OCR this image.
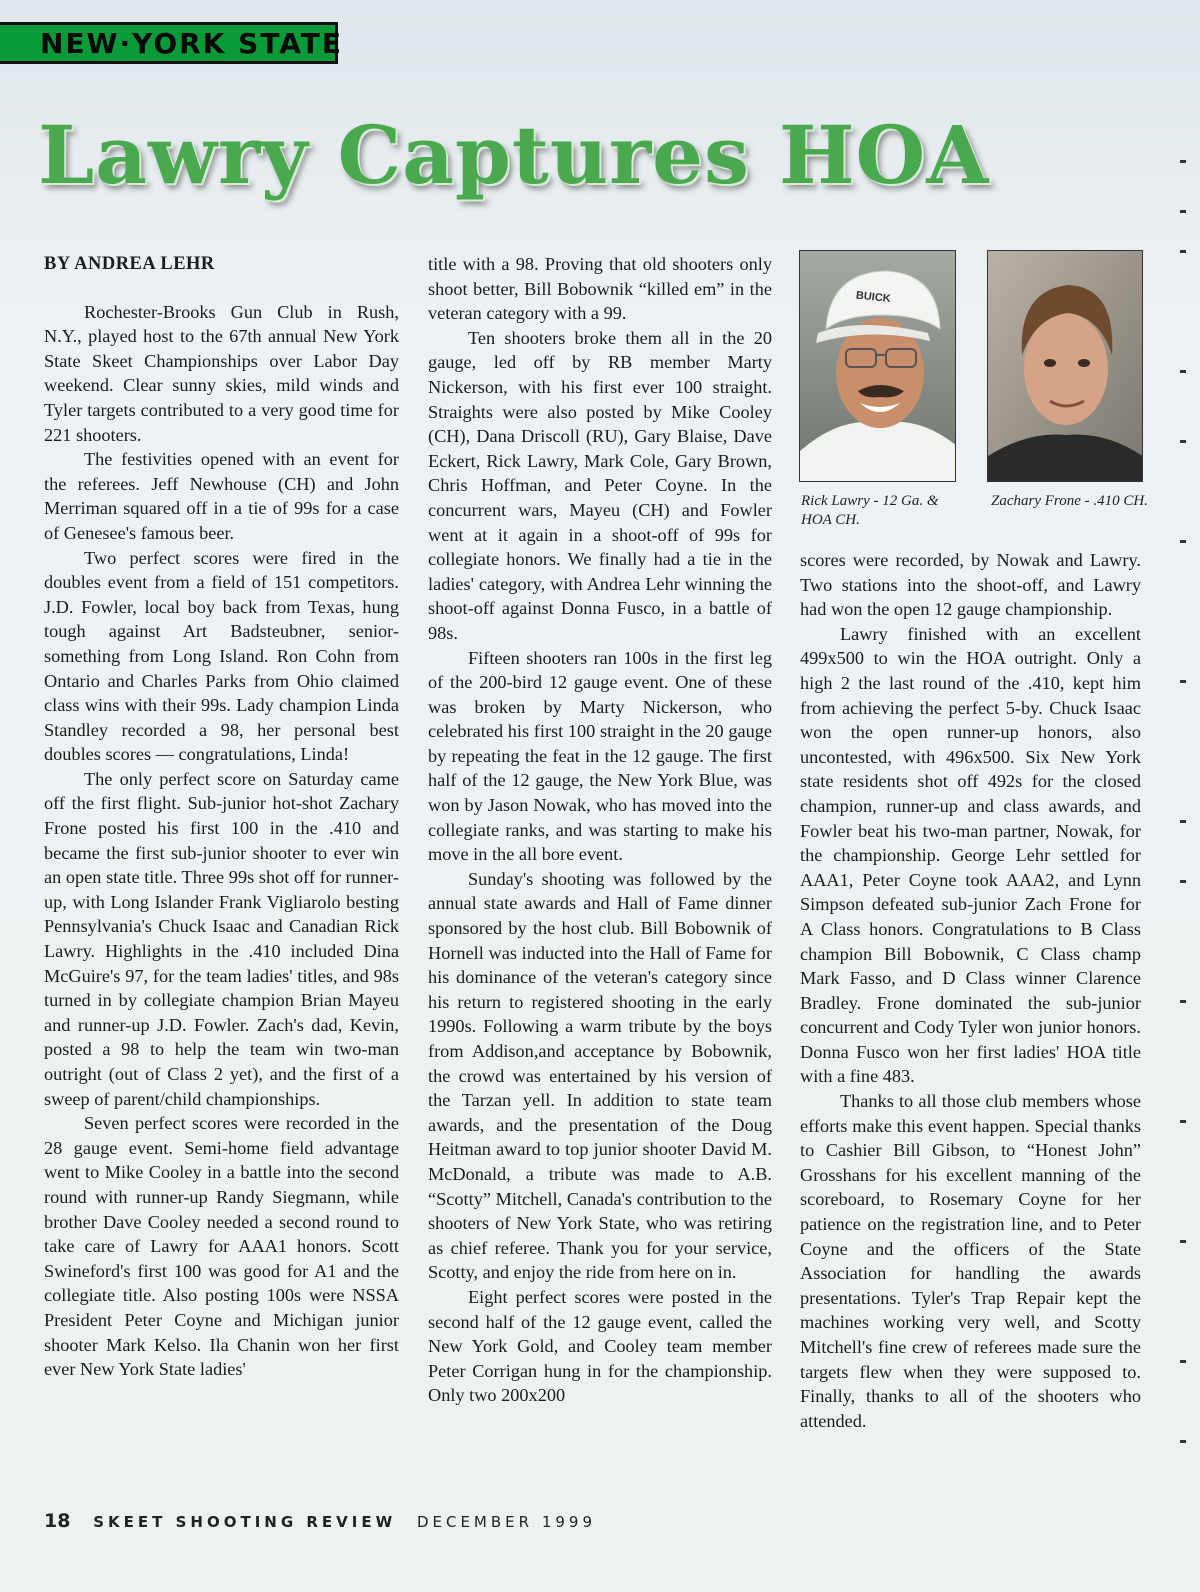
NEW·YORK STATE
Lawry Captures HOA
BY ANDREA LEHR

Rochester-Brooks Gun Club in Rush, N.Y., played host to the 67th annual New York State Skeet Championships over Labor Day weekend. Clear sunny skies, mild winds and Tyler targets contributed to a very good time for 221 shooters.

The festivities opened with an event for the referees. Jeff Newhouse (CH) and John Merriman squared off in a tie of 99s for a case of Genesee's famous beer.

Two perfect scores were fired in the doubles event from a field of 151 competitors. J.D. Fowler, local boy back from Texas, hung tough against Art Badsteubner, senior-something from Long Island. Ron Cohn from Ontario and Charles Parks from Ohio claimed class wins with their 99s. Lady champion Linda Standley recorded a 98, her personal best doubles scores — congratulations, Linda!

The only perfect score on Saturday came off the first flight. Sub-junior hot-shot Zachary Frone posted his first 100 in the .410 and became the first sub-junior shooter to ever win an open state title. Three 99s shot off for runner-up, with Long Islander Frank Vigliarolo besting Pennsylvania's Chuck Isaac and Canadian Rick Lawry. Highlights in the .410 included Dina McGuire's 97, for the team ladies' titles, and 98s turned in by collegiate champion Brian Mayeu and runner-up J.D. Fowler. Zach's dad, Kevin, posted a 98 to help the team win two-man outright (out of Class 2 yet), and the first of a sweep of parent/child championships.

Seven perfect scores were recorded in the 28 gauge event. Semi-home field advantage went to Mike Cooley in a battle into the second round with runner-up Randy Siegmann, while brother Dave Cooley needed a second round to take care of Lawry for AAA1 honors. Scott Swineford's first 100 was good for A1 and the collegiate title. Also posting 100s were NSSA President Peter Coyne and Michigan junior shooter Mark Kelso. Ila Chanin won her first ever New York State ladies'

title with a 98. Proving that old shooters only shoot better, Bill Bobownik “killed em” in the veteran category with a 99.

Ten shooters broke them all in the 20 gauge, led off by RB member Marty Nickerson, with his first ever 100 straight. Straights were also posted by Mike Cooley (CH), Dana Driscoll (RU), Gary Blaise, Dave Eckert, Rick Lawry, Mark Cole, Gary Brown, Chris Hoffman, and Peter Coyne. In the concurrent wars, Mayeu (CH) and Fowler went at it again in a shoot-off of 99s for collegiate honors. We finally had a tie in the ladies' category, with Andrea Lehr winning the shoot-off against Donna Fusco, in a battle of 98s.

Fifteen shooters ran 100s in the first leg of the 200-bird 12 gauge event. One of these was broken by Marty Nickerson, who celebrated his first 100 straight in the 20 gauge by repeating the feat in the 12 gauge. The first half of the 12 gauge, the New York Blue, was won by Jason Nowak, who has moved into the collegiate ranks, and was starting to make his move in the all bore event.

Sunday's shooting was followed by the annual state awards and Hall of Fame dinner sponsored by the host club. Bill Bobownik of Hornell was inducted into the Hall of Fame for his dominance of the veteran's category since his return to registered shooting in the early 1990s. Following a warm tribute by the boys from Addison,and acceptance by Bobownik, the crowd was entertained by his version of the Tarzan yell. In addition to state team awards, and the presentation of the Doug Heitman award to top junior shooter David M. McDonald, a tribute was made to A.B. “Scotty” Mitchell, Canada's contribution to the shooters of New York State, who was retiring as chief referee. Thank you for your service, Scotty, and enjoy the ride from here on in.

Eight perfect scores were posted in the second half of the 12 gauge event, called the New York Gold, and Cooley team member Peter Corrigan hung in for the championship. Only two 200x200

BUICK
Rick Lawry - 12 Ga. & HOA CH.
Zachary Frone - .410 CH.

scores were recorded, by Nowak and Lawry. Two stations into the shoot-off, and Lawry had won the open 12 gauge championship.

Lawry finished with an excellent 499x500 to win the HOA outright. Only a high 2 the last round of the .410, kept him from achieving the perfect 5-by. Chuck Isaac won the open runner-up honors, also uncontested, with 496x500. Six New York state residents shot off 492s for the closed champion, runner-up and class awards, and Fowler beat his two-man partner, Nowak, for the championship. George Lehr settled for AAA1, Peter Coyne took AAA2, and Lynn Simpson defeated sub-junior Zach Frone for A Class honors. Congratulations to B Class champion Bill Bobownik, C Class champ Mark Fasso, and D Class winner Clarence Bradley. Frone dominated the sub-junior concurrent and Cody Tyler won junior honors. Donna Fusco won her first ladies' HOA title with a fine 483.

Thanks to all those club members whose efforts make this event happen. Special thanks to Cashier Bill Gibson, to “Honest John” Grosshans for his excellent manning of the scoreboard, to Rosemary Coyne for her patience on the registration line, and to Peter Coyne and the officers of the State Association for handling the awards presentations. Tyler's Trap Repair kept the machines working very well, and Scotty Mitchell's fine crew of referees made sure the targets flew when they were supposed to. Finally, thanks to all of the shooters who attended.

18 SKEET SHOOTING REVIEW DECEMBER 1999
